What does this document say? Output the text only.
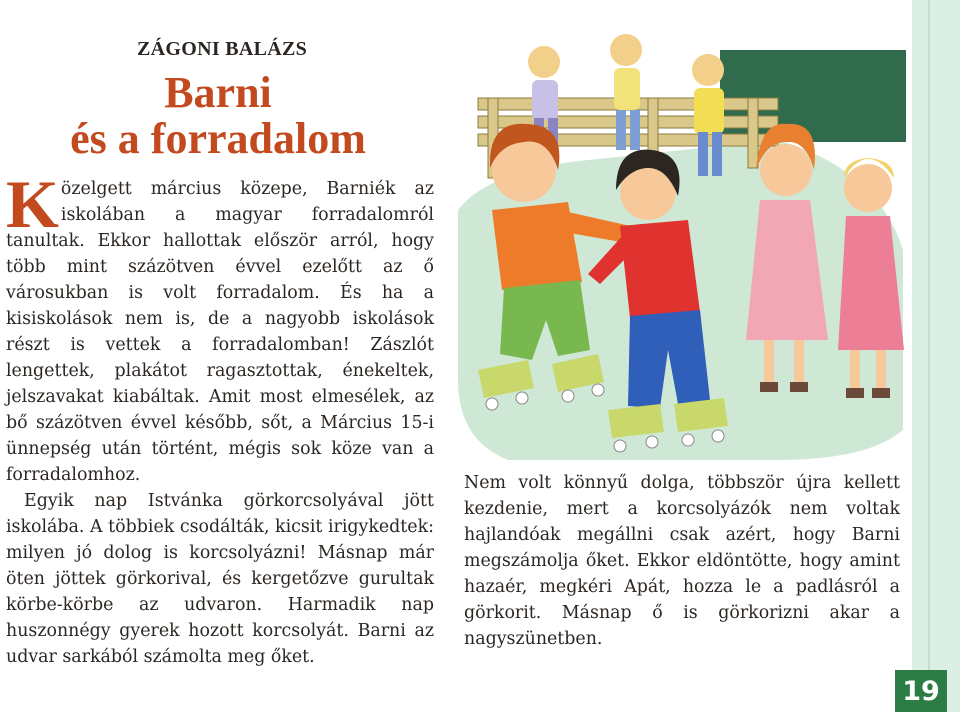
19
ZÁGONI BALÁZS
Barni
és a forradalom

Közelgett március közepe, Barniék az iskolában a magyar forradalomról tanultak. Ekkor hallottak először arról, hogy több mint százötven évvel ezelőtt az ő városukban is volt forradalom. És ha a kisiskolások nem is, de a nagyobb iskolások részt is vettek a forradalomban! Zászlót lengettek, plakátot ragasztottak, énekeltek, jelszavakat kiabáltak. Amit most elmesélek, az bő százötven évvel később, sőt, a Március 15-i ünnepség után történt, mégis sok köze van a forradalomhoz.

Egyik nap Istvánka görkorcsolyával jött iskolába. A többiek csodálták, kicsit irigykedtek: milyen jó dolog is korcsolyázni! Másnap már öten jöttek görkorival, és kergetőzve gurultak körbe-körbe az udvaron. Harmadik nap huszonnégy gyerek hozott korcsolyát. Barni az udvar sarkából számolta meg őket.

Nem volt könnyű dolga, többször újra kellett kezdenie, mert a korcsolyázók nem voltak hajlandóak megállni csak azért, hogy Barni megszámolja őket. Ekkor eldöntötte, hogy amint hazaér, megkéri Apát, hozza le a padlásról a görkorit. Másnap ő is görkorizni akar a nagyszünetben.
